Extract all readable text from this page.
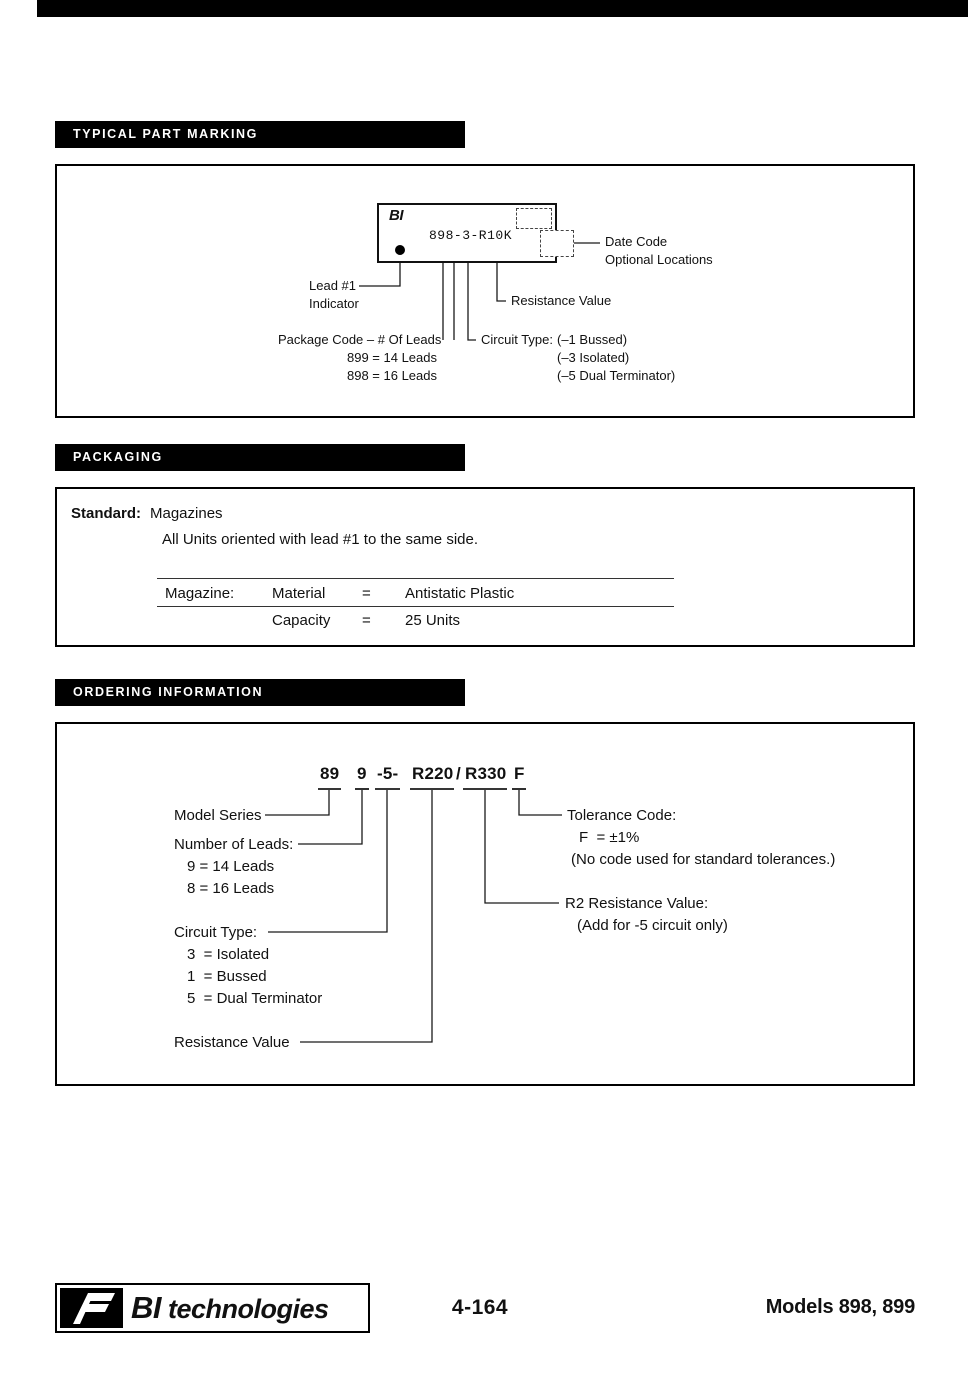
TYPICAL PART MARKING
BI
898-3-R10K	Date Code
Optional Locations
Lead #1
Indicator	Resistance Value
Package Code – # Of Leads
899 = 14 Leads
898 = 16 Leads
Circuit Type: (–1 Bussed)
(–3 Isolated)
(–5 Dual Terminator)
PACKAGING
Standard: Magazines
All Units oriented with lead #1 to the same side.
Magazine:	Material = Antistatic Plastic
Capacity = 25 Units
ORDERING INFORMATION
89 9 -5- R220 / R330 F
Model Series
Number of Leads:
9 = 14 Leads
8 = 16 Leads
Circuit Type:
3  = Isolated
1  = Bussed
5  = Dual Terminator
Resistance Value
Tolerance Code:
F  = ±1%
(No code used for standard tolerances.)
R2 Resistance Value:
(Add for -5 circuit only)
BI technologies	4-164	Models 898, 899
